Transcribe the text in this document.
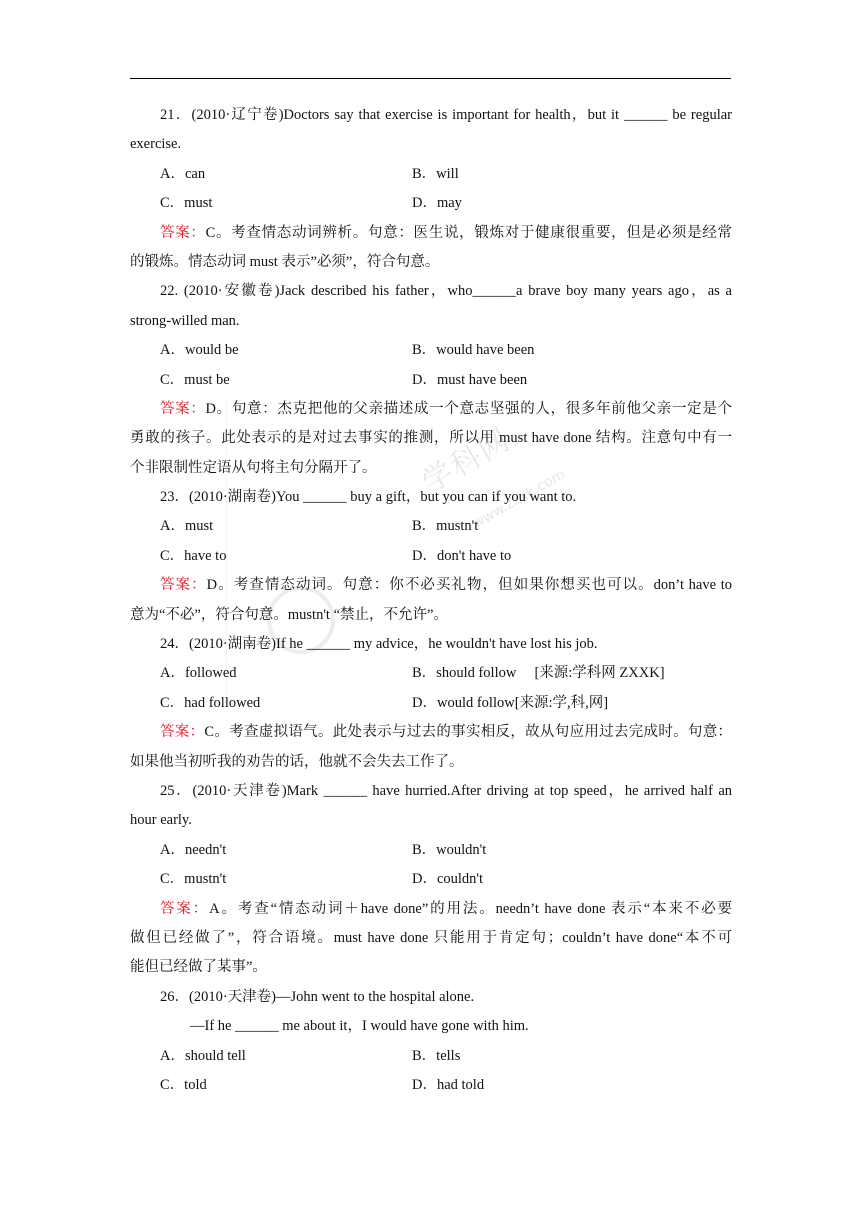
学科网
www.zxxk.com
21．(2010·辽宁卷)Doctors say that exercise is important for health，but it ______ be regular
exercise.
A．can	B．will
C．must	D．may
答案：C。考查情态动词辨析。句意：医生说，锻炼对于健康很重要，但是必须是经常
的锻炼。情态动词 must 表示”必须”，符合句意。
22. (2010·安徽卷)Jack described his father，who______a brave boy many years ago，as a
strong-willed man.
A．would be	B．would have been
C．must be	D．must have been
答案：D。句意：杰克把他的父亲描述成一个意志坚强的人，很多年前他父亲一定是个
勇敢的孩子。此处表示的是对过去事实的推测，所以用 must have done 结构。注意句中有一
个非限制性定语从句将主句分隔开了。
23．(2010·湖南卷)You ______ buy a gift，but you can if you want to.
A．must	B．mustn't
C．have to	D．don't have to
答案：D。考查情态动词。句意：你不必买礼物，但如果你想买也可以。don’t have to
意为“不必”，符合句意。mustn't “禁止，不允许”。
24．(2010·湖南卷)If he ______ my advice，he wouldn't have lost his job.
A．followed	B．should follow　 [来源:学科网 ZXXK]
C．had followed	D．would follow[来源:学,科,网]
答案：C。考查虚拟语气。此处表示与过去的事实相反，故从句应用过去完成时。句意：
如果他当初听我的劝告的话，他就不会失去工作了。
25．(2010·天津卷)Mark ______ have hurried.After driving at top speed，he arrived half an
hour early.
A．needn't	B．wouldn't
C．mustn't	D．couldn't
答案：A。考查“情态动词＋have done”的用法。needn’t have done 表示“本来不必要
做但已经做了”，符合语境。must have done 只能用于肯定句；couldn’t have done“本不可
能但已经做了某事”。
26．(2010·天津卷)—John went to the hospital alone.
—If he ______ me about it，I would have gone with him.
A．should tell	B．tells
C．told	D．had told
